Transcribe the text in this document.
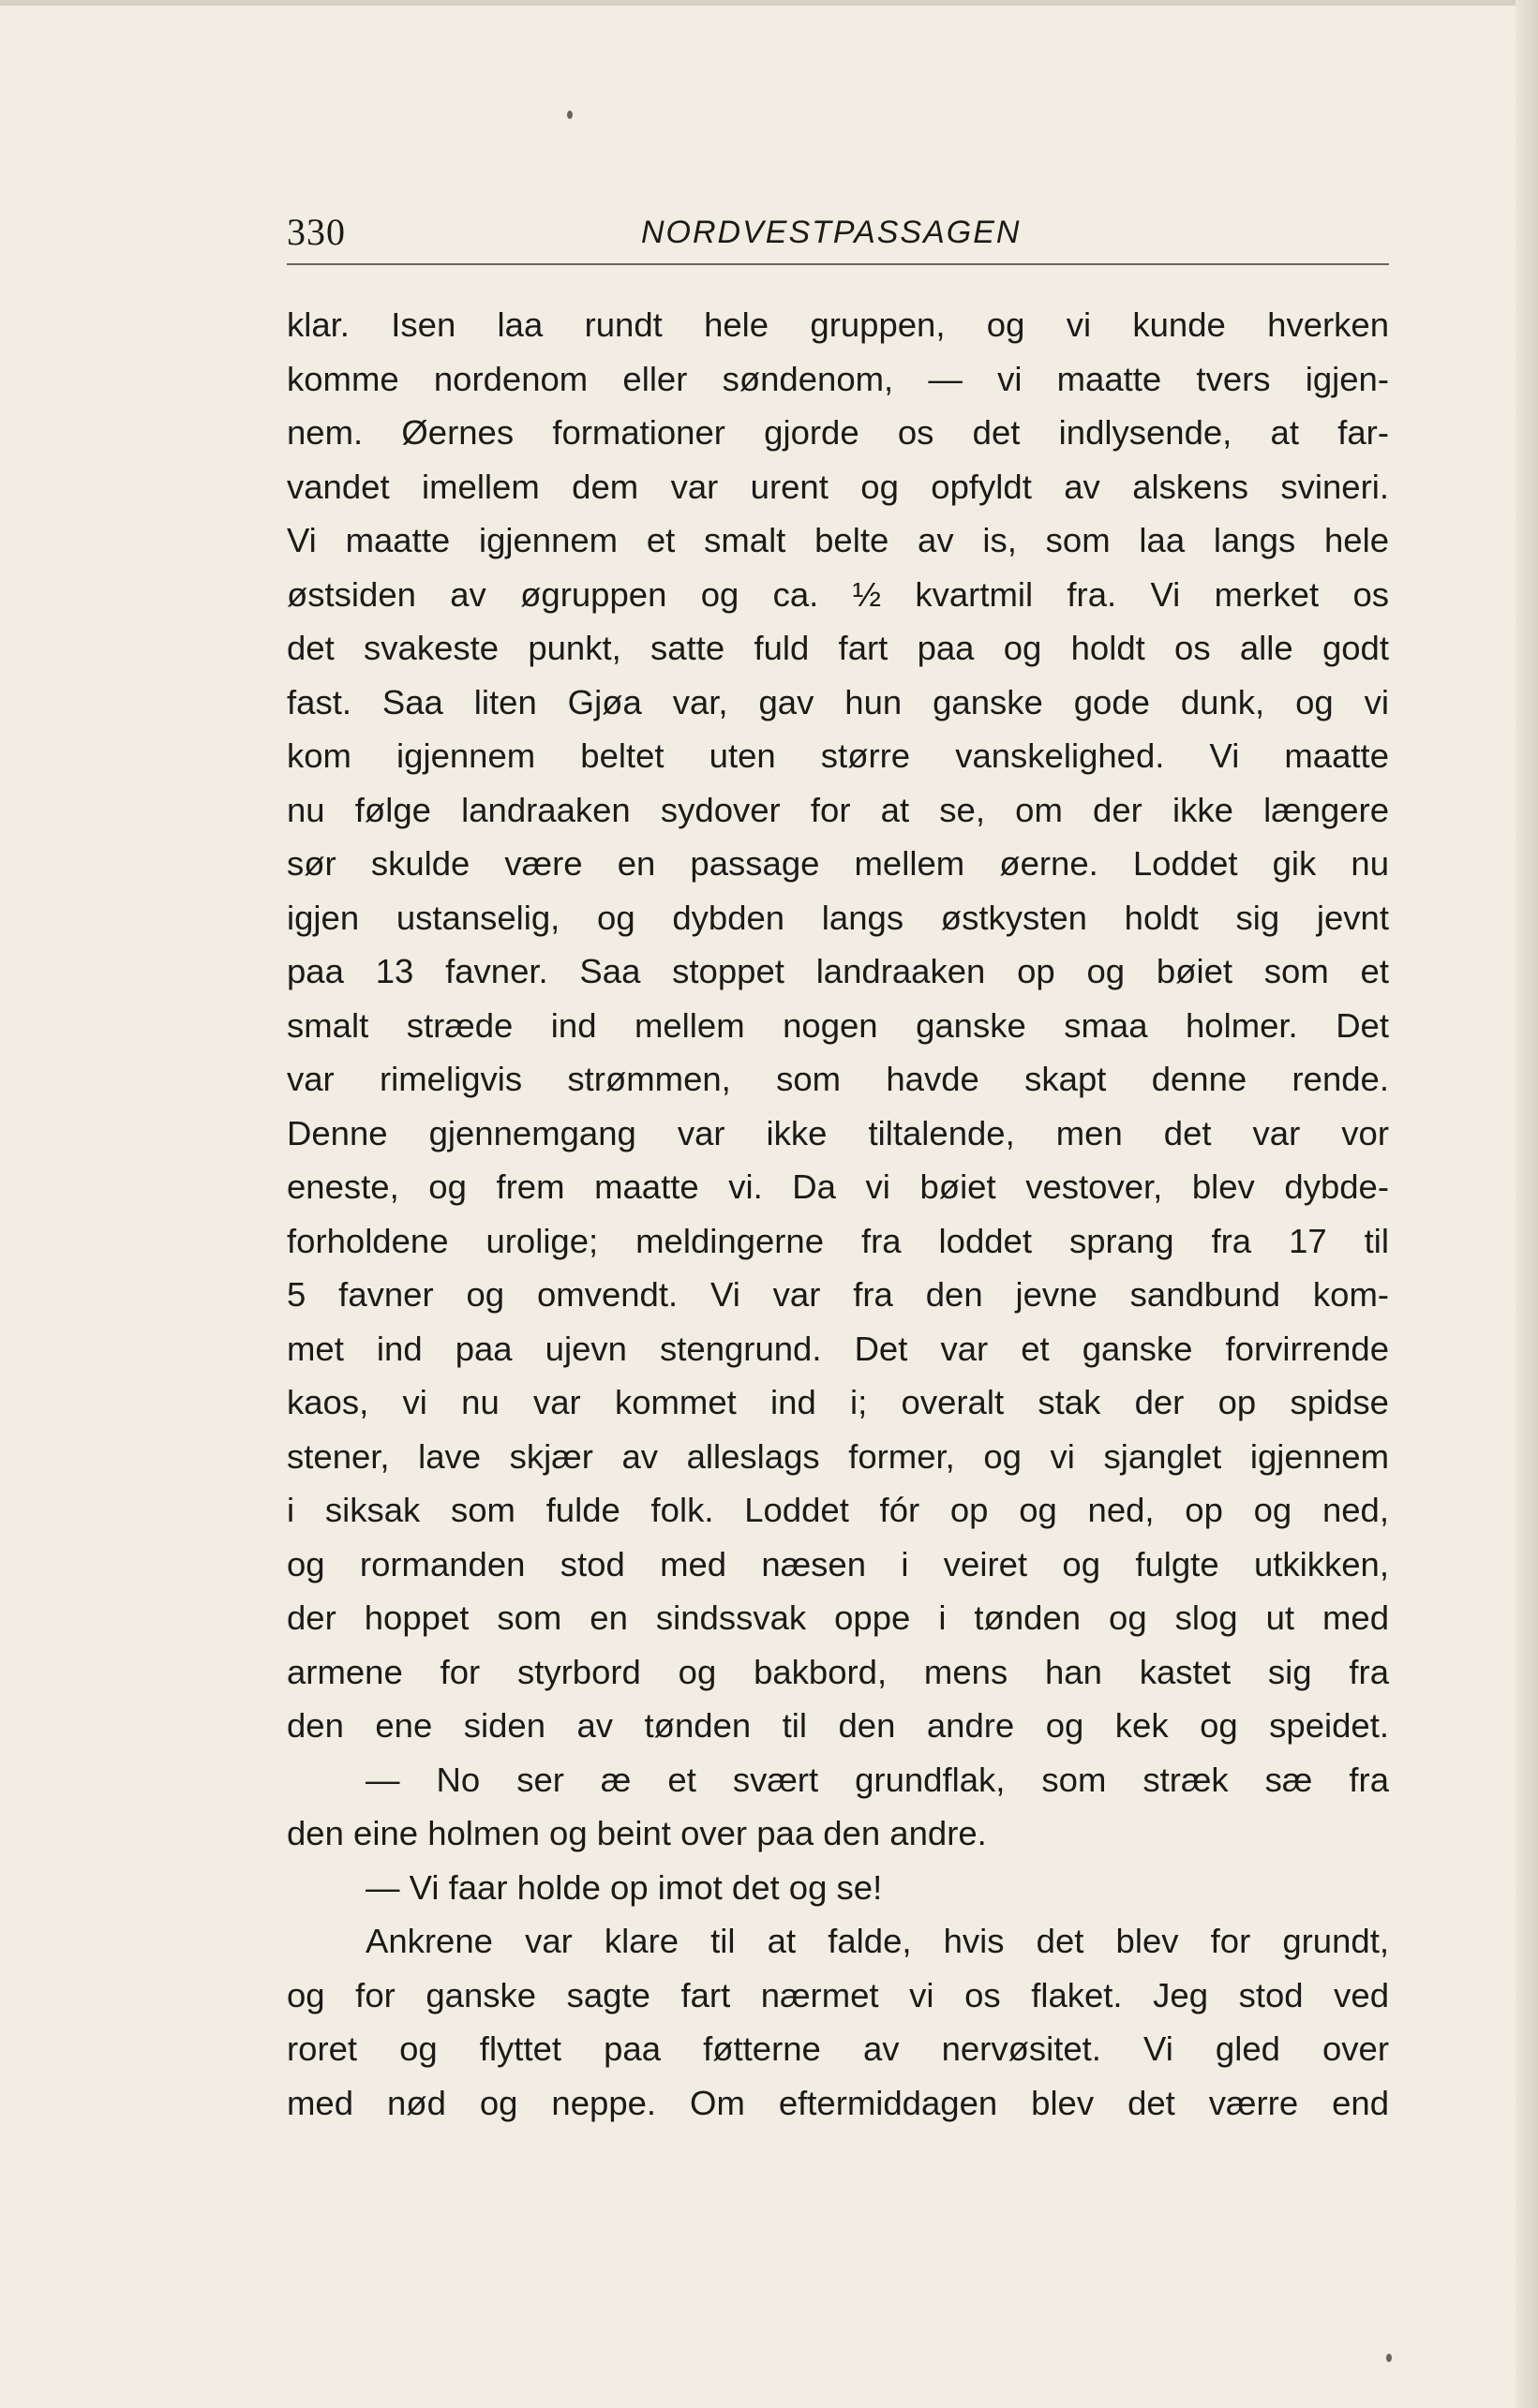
330	NORDVESTPASSAGEN
klar. Isen laa rundt hele gruppen, og vi kunde hverken
komme nordenom eller søndenom, — vi maatte tvers igjen-
nem. Øernes formationer gjorde os det indlysende, at far-
vandet imellem dem var urent og opfyldt av alskens svineri.
Vi maatte igjennem et smalt belte av is, som laa langs hele
østsiden av øgruppen og ca. ½ kvartmil fra. Vi merket os
det svakeste punkt, satte fuld fart paa og holdt os alle godt
fast. Saa liten Gjøa var, gav hun ganske gode dunk, og vi
kom igjennem beltet uten større vanskelighed. Vi maatte
nu følge landraaken sydover for at se, om der ikke længere
sør skulde være en passage mellem øerne. Loddet gik nu
igjen ustanselig, og dybden langs østkysten holdt sig jevnt
paa 13 favner. Saa stoppet landraaken op og bøiet som et
smalt stræde ind mellem nogen ganske smaa holmer. Det
var rimeligvis strømmen, som havde skapt denne rende.
Denne gjennemgang var ikke tiltalende, men det var vor
eneste, og frem maatte vi. Da vi bøiet vestover, blev dybde-
forholdene urolige; meldingerne fra loddet sprang fra 17 til
5 favner og omvendt. Vi var fra den jevne sandbund kom-
met ind paa ujevn stengrund. Det var et ganske forvirrende
kaos, vi nu var kommet ind i; overalt stak der op spidse
stener, lave skjær av alleslags former, og vi sjanglet igjennem
i siksak som fulde folk. Loddet fór op og ned, op og ned,
og rormanden stod med næsen i veiret og fulgte utkikken,
der hoppet som en sindssvak oppe i tønden og slog ut med
armene for styrbord og bakbord, mens han kastet sig fra
den ene siden av tønden til den andre og kek og speidet.
— No ser æ et svært grundflak, som stræk sæ fra
den eine holmen og beint over paa den andre.
— Vi faar holde op imot det og se!
Ankrene var klare til at falde, hvis det blev for grundt,
og for ganske sagte fart nærmet vi os flaket. Jeg stod ved
roret og flyttet paa føtterne av nervøsitet. Vi gled over
med nød og neppe. Om eftermiddagen blev det værre end
